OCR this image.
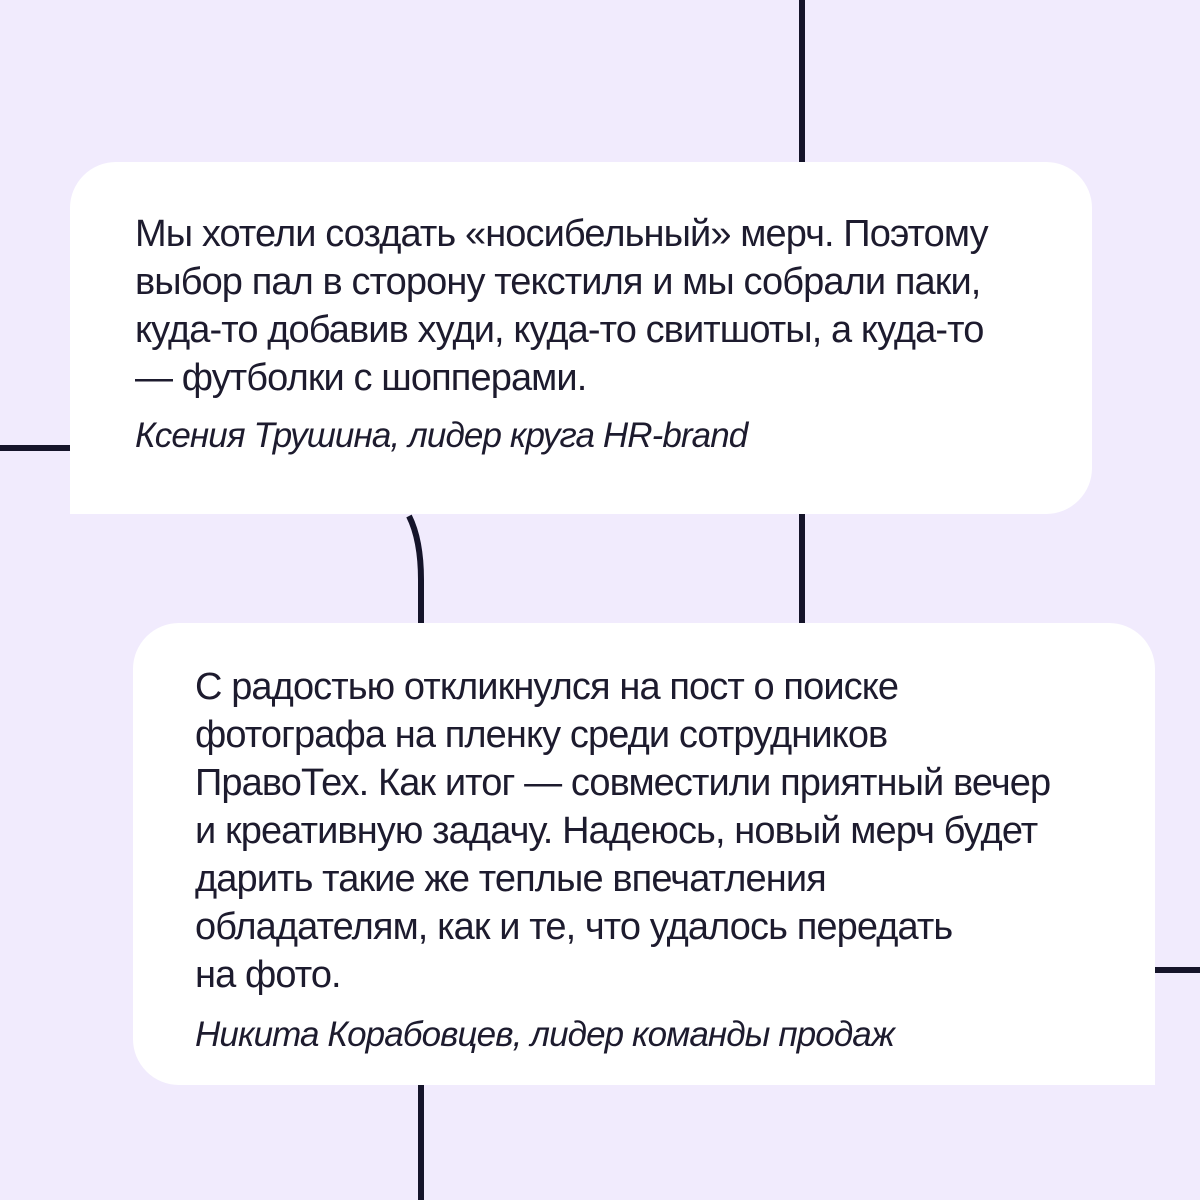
Мы хотели создать «носибельный» мерч. Поэтому
выбор пал в сторону текстиля и мы собрали паки,
куда-то добавив худи, куда-то свитшоты, а куда-то
— футболки с шопперами.

Ксения Трушина, лидер круга HR-brand

С радостью откликнулся на пост о поиске
фотографа на пленку среди сотрудников
ПравоТех. Как итог — совместили приятный вечер
и креативную задачу. Надеюсь, новый мерч будет
дарить такие же теплые впечатления
обладателям, как и те, что удалось передать
на фото.

Никита Корабовцев, лидер команды продаж
